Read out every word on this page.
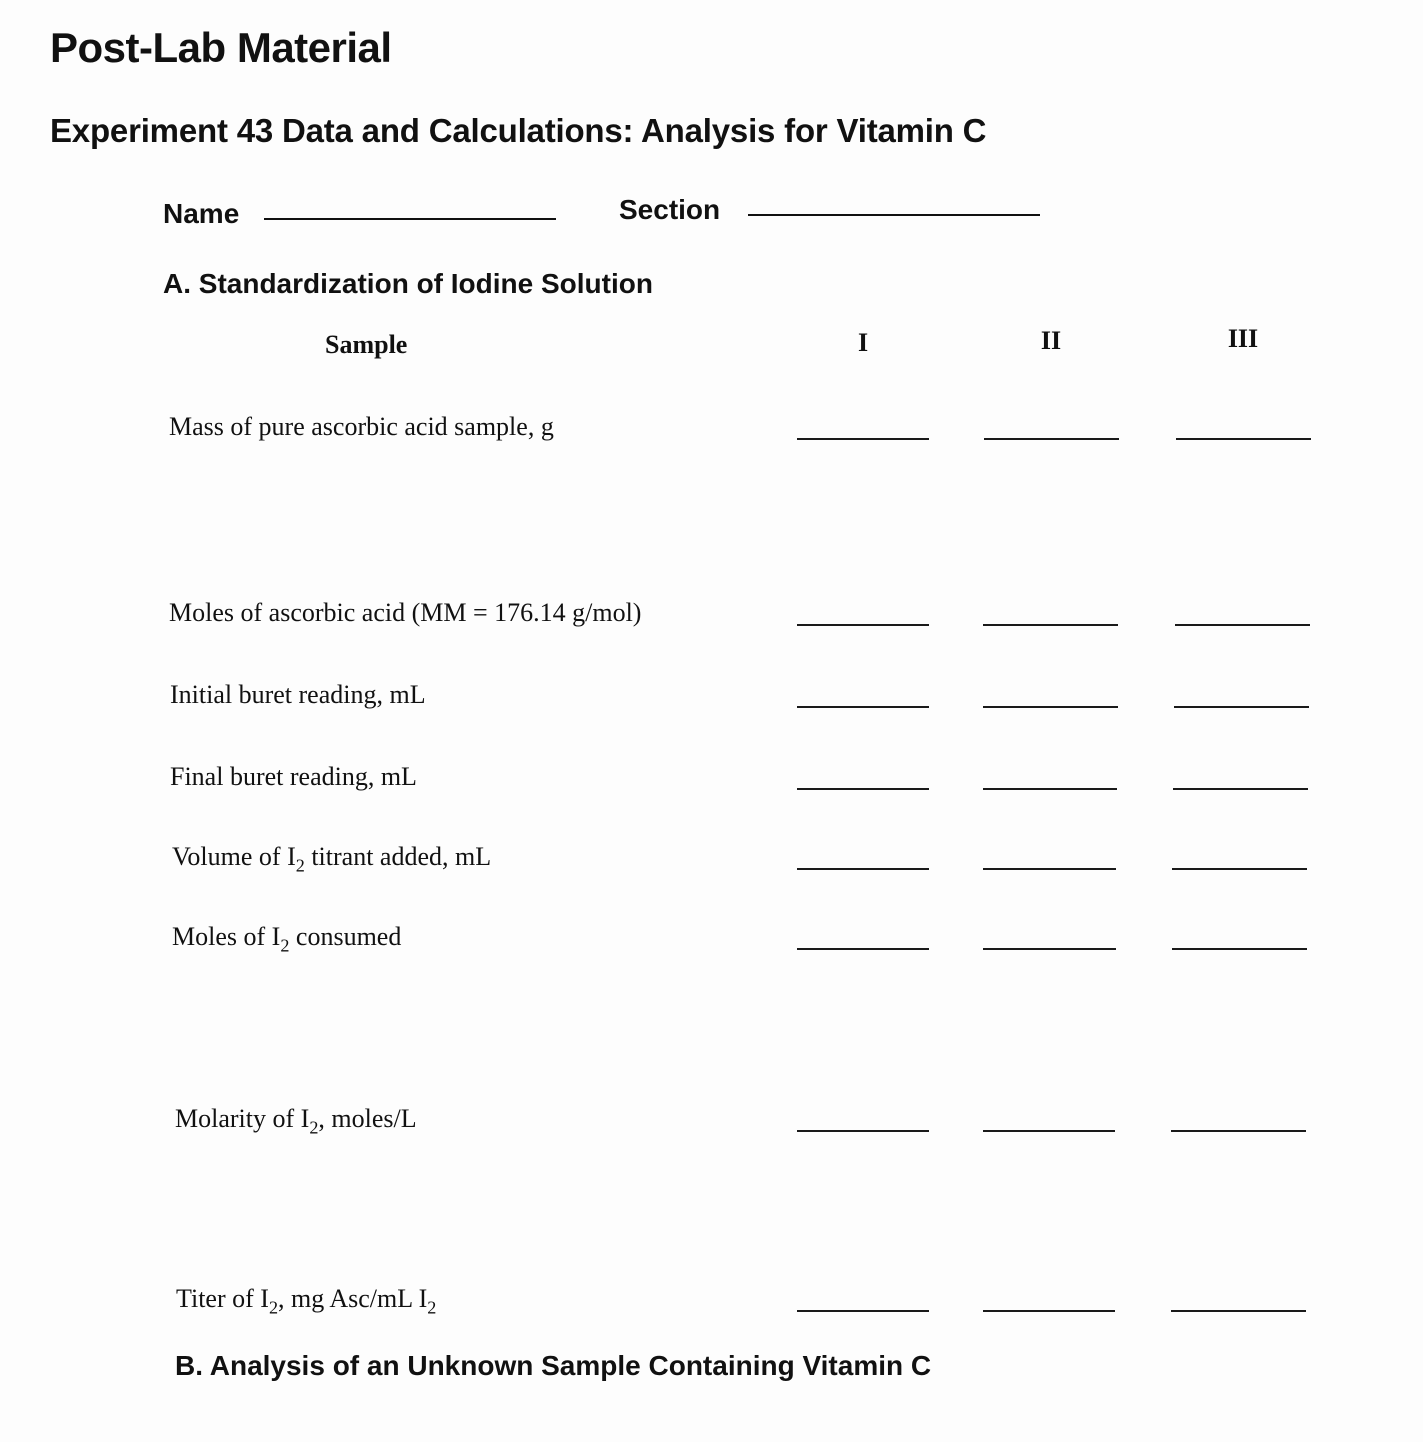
Post-Lab Material
Experiment 43 Data and Calculations: Analysis for Vitamin C
Name	Section
A. Standardization of Iodine Solution
Sample	I	II	III
Mass of pure ascorbic acid sample, g
Moles of ascorbic acid (MM = 176.14 g/mol)
Initial buret reading, mL
Final buret reading, mL
Volume of $I_2$ titrant added, mL
Moles of $I_2$ consumed
Molarity of $I_2$, moles/L
Titer of $I_2$, mg Asc/mL $I_2$
B. Analysis of an Unknown Sample Containing Vitamin C
